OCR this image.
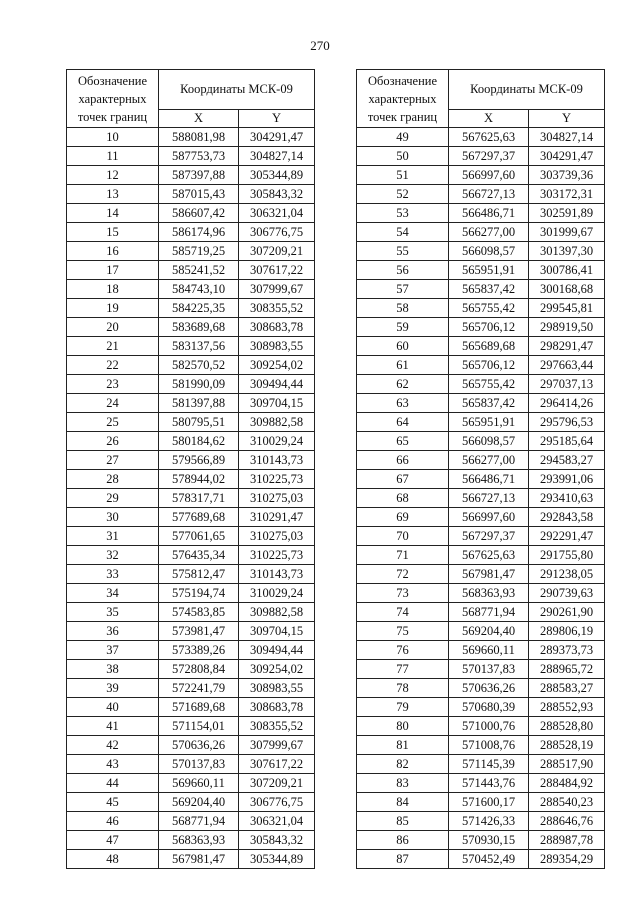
270
Обозначение характерных точек границ	Координаты МСК-09	
	X	Y
10	588081,98	304291,47
11	587753,73	304827,14
12	587397,88	305344,89
13	587015,43	305843,32
14	586607,42	306321,04
15	586174,96	306776,75
16	585719,25	307209,21
17	585241,52	307617,22
18	584743,10	307999,67
19	584225,35	308355,52
20	583689,68	308683,78
21	583137,56	308983,55
22	582570,52	309254,02
23	581990,09	309494,44
24	581397,88	309704,15
25	580795,51	309882,58
26	580184,62	310029,24
27	579566,89	310143,73
28	578944,02	310225,73
29	578317,71	310275,03
30	577689,68	310291,47
31	577061,65	310275,03
32	576435,34	310225,73
33	575812,47	310143,73
34	575194,74	310029,24
35	574583,85	309882,58
36	573981,47	309704,15
37	573389,26	309494,44
38	572808,84	309254,02
39	572241,79	308983,55
40	571689,68	308683,78
41	571154,01	308355,52
42	570636,26	307999,67
43	570137,83	307617,22
44	569660,11	307209,21
45	569204,40	306776,75
46	568771,94	306321,04
47	568363,93	305843,32
48	567981,47	305344,89
Обозначение характерных точек границ	Координаты МСК-09	
	X	Y
49	567625,63	304827,14
50	567297,37	304291,47
51	566997,60	303739,36
52	566727,13	303172,31
53	566486,71	302591,89
54	566277,00	301999,67
55	566098,57	301397,30
56	565951,91	300786,41
57	565837,42	300168,68
58	565755,42	299545,81
59	565706,12	298919,50
60	565689,68	298291,47
61	565706,12	297663,44
62	565755,42	297037,13
63	565837,42	296414,26
64	565951,91	295796,53
65	566098,57	295185,64
66	566277,00	294583,27
67	566486,71	293991,06
68	566727,13	293410,63
69	566997,60	292843,58
70	567297,37	292291,47
71	567625,63	291755,80
72	567981,47	291238,05
73	568363,93	290739,63
74	568771,94	290261,90
75	569204,40	289806,19
76	569660,11	289373,73
77	570137,83	288965,72
78	570636,26	288583,27
79	570680,39	288552,93
80	571000,76	288528,80
81	571008,76	288528,19
82	571145,39	288517,90
83	571443,76	288484,92
84	571600,17	288540,23
85	571426,33	288646,76
86	570930,15	288987,78
87	570452,49	289354,29
